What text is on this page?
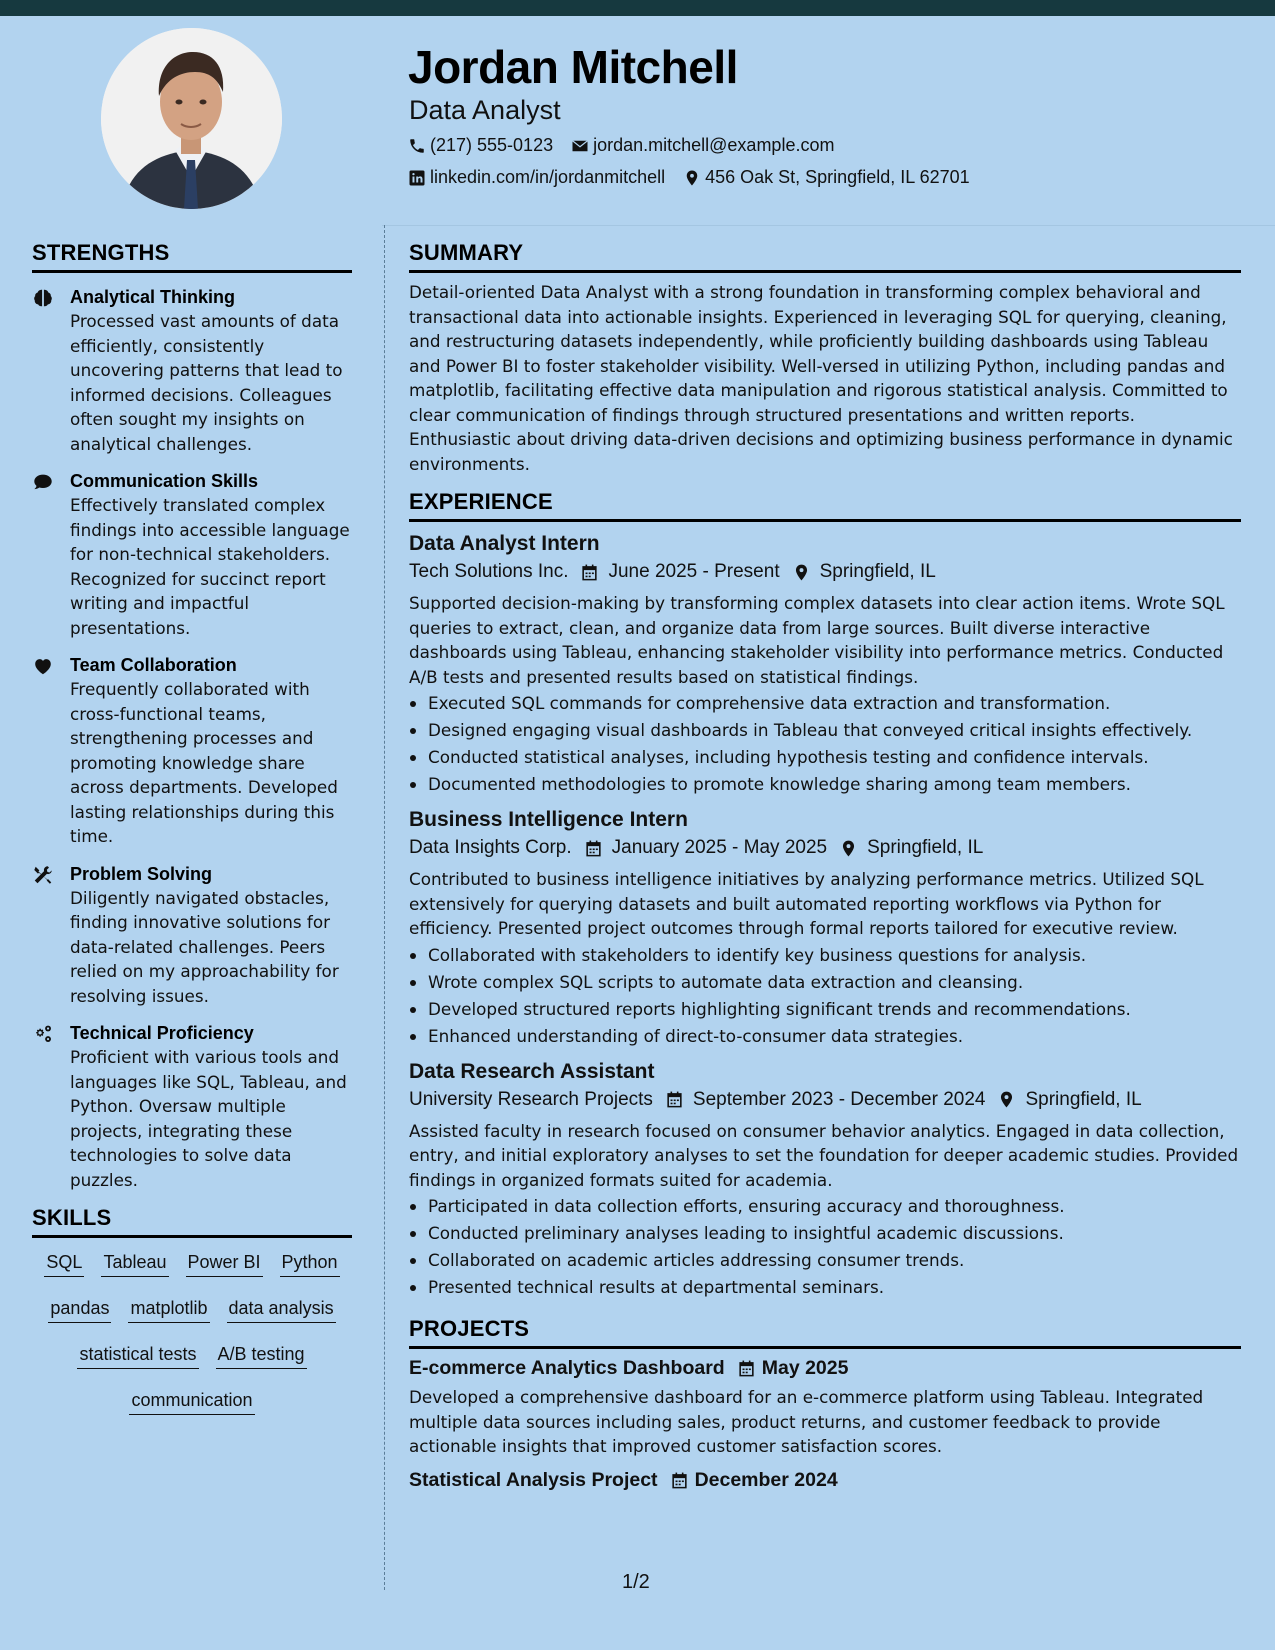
Jordan Mitchell
Data Analyst
(217) 555-0123 jordan.mitchell@example.com
linkedin.com/in/jordanmitchell 456 Oak St, Springfield, IL 62701
STRENGTHS
Analytical Thinking
Processed vast amounts of data efficiently, consistently uncovering patterns that lead to informed decisions. Colleagues often sought my insights on analytical challenges.
Communication Skills
Effectively translated complex findings into accessible language for non-technical stakeholders. Recognized for succinct report writing and impactful presentations.
Team Collaboration
Frequently collaborated with cross-functional teams, strengthening processes and promoting knowledge share across departments. Developed lasting relationships during this time.
Problem Solving
Diligently navigated obstacles, finding innovative solutions for data-related challenges. Peers relied on my approachability for resolving issues.
Technical Proficiency
Proficient with various tools and languages like SQL, Tableau, and Python. Oversaw multiple projects, integrating these technologies to solve data puzzles.
SKILLS
SQL Tableau Power BI Python
pandas matplotlib data analysis
statistical tests A/B testing
communication
SUMMARY
Detail-oriented Data Analyst with a strong foundation in transforming complex behavioral and transactional data into actionable insights. Experienced in leveraging SQL for querying, cleaning, and restructuring datasets independently, while proficiently building dashboards using Tableau and Power BI to foster stakeholder visibility. Well-versed in utilizing Python, including pandas and matplotlib, facilitating effective data manipulation and rigorous statistical analysis. Committed to clear communication of findings through structured presentations and written reports. Enthusiastic about driving data-driven decisions and optimizing business performance in dynamic environments.
EXPERIENCE
Data Analyst Intern
Tech Solutions Inc. June 2025 - Present Springfield, IL
Supported decision-making by transforming complex datasets into clear action items. Wrote SQL queries to extract, clean, and organize data from large sources. Built diverse interactive dashboards using Tableau, enhancing stakeholder visibility into performance metrics. Conducted A/B tests and presented results based on statistical findings.
Executed SQL commands for comprehensive data extraction and transformation.
Designed engaging visual dashboards in Tableau that conveyed critical insights effectively.
Conducted statistical analyses, including hypothesis testing and confidence intervals.
Documented methodologies to promote knowledge sharing among team members.
Business Intelligence Intern
Data Insights Corp. January 2025 - May 2025 Springfield, IL
Contributed to business intelligence initiatives by analyzing performance metrics. Utilized SQL extensively for querying datasets and built automated reporting workflows via Python for efficiency. Presented project outcomes through formal reports tailored for executive review.
Collaborated with stakeholders to identify key business questions for analysis.
Wrote complex SQL scripts to automate data extraction and cleansing.
Developed structured reports highlighting significant trends and recommendations.
Enhanced understanding of direct-to-consumer data strategies.
Data Research Assistant
University Research Projects September 2023 - December 2024 Springfield, IL
Assisted faculty in research focused on consumer behavior analytics. Engaged in data collection, entry, and initial exploratory analyses to set the foundation for deeper academic studies. Provided findings in organized formats suited for academia.
Participated in data collection efforts, ensuring accuracy and thoroughness.
Conducted preliminary analyses leading to insightful academic discussions.
Collaborated on academic articles addressing consumer trends.
Presented technical results at departmental seminars.
PROJECTS
E-commerce Analytics Dashboard May 2025
Developed a comprehensive dashboard for an e-commerce platform using Tableau. Integrated multiple data sources including sales, product returns, and customer feedback to provide actionable insights that improved customer satisfaction scores.
Statistical Analysis Project December 2024
1/2
